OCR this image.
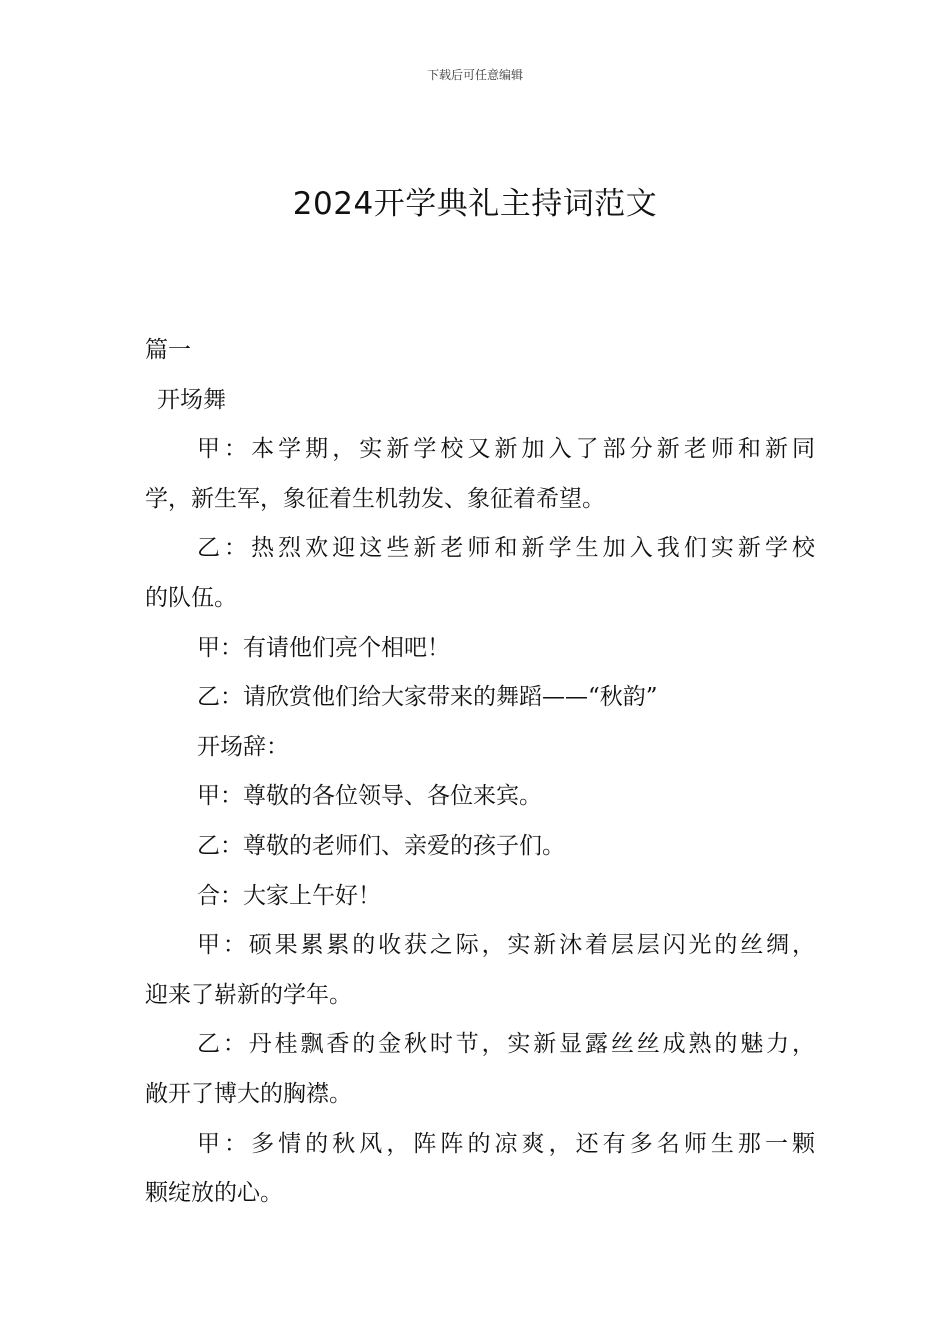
下载后可任意编辑
2024开学典礼主持词范文
篇一
开场舞
甲：本学期，实新学校又新加入了部分新老师和新同
学，新生军，象征着生机勃发、象征着希望。
乙：热烈欢迎这些新老师和新学生加入我们实新学校
的队伍。
甲：有请他们亮个相吧！
乙：请欣赏他们给大家带来的舞蹈——“秋韵”
开场辞：
甲：尊敬的各位领导、各位来宾。
乙：尊敬的老师们、亲爱的孩子们。
合：大家上午好！
甲：硕果累累的收获之际，实新沐着层层闪光的丝绸，
迎来了崭新的学年。
乙：丹桂飘香的金秋时节，实新显露丝丝成熟的魅力，
敞开了博大的胸襟。
甲：多情的秋风，阵阵的凉爽，还有多名师生那一颗
颗绽放的心。
